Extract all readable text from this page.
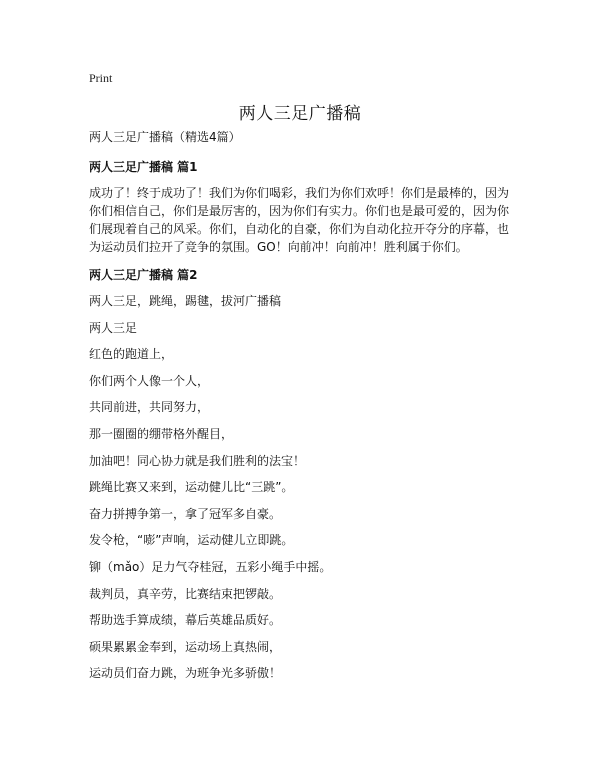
Print
两人三足广播稿

两人三足广播稿（精选4篇）

两人三足广播稿 篇1

成功了！终于成功了！我们为你们喝彩，我们为你们欢呼！你们是最棒的，因为你们相信自己，你们是最厉害的，因为你们有实力。你们也是最可爱的，因为你们展现着自己的风采。你们，自动化的自豪，你们为自动化拉开夺分的序幕，也为运动员们拉开了竞争的氛围。GO！向前冲！向前冲！胜利属于你们。

两人三足广播稿 篇2

两人三足，跳绳，踢毽，拔河广播稿

两人三足

红色的跑道上，

你们两个人像一个人，

共同前进，共同努力，

那一圈圈的绷带格外醒目，

加油吧！同心协力就是我们胜利的法宝！

跳绳比赛又来到，运动健儿比“三跳”。

奋力拼搏争第一，拿了冠军多自豪。

发令枪，“嘭”声响，运动健儿立即跳。

铆（mǎo）足力气夺桂冠，五彩小绳手中摇。

裁判员，真辛劳，比赛结束把锣敲。

帮助选手算成绩，幕后英雄品质好。

硕果累累金奉到，运动场上真热闹，

运动员们奋力跳，为班争光多骄傲！
